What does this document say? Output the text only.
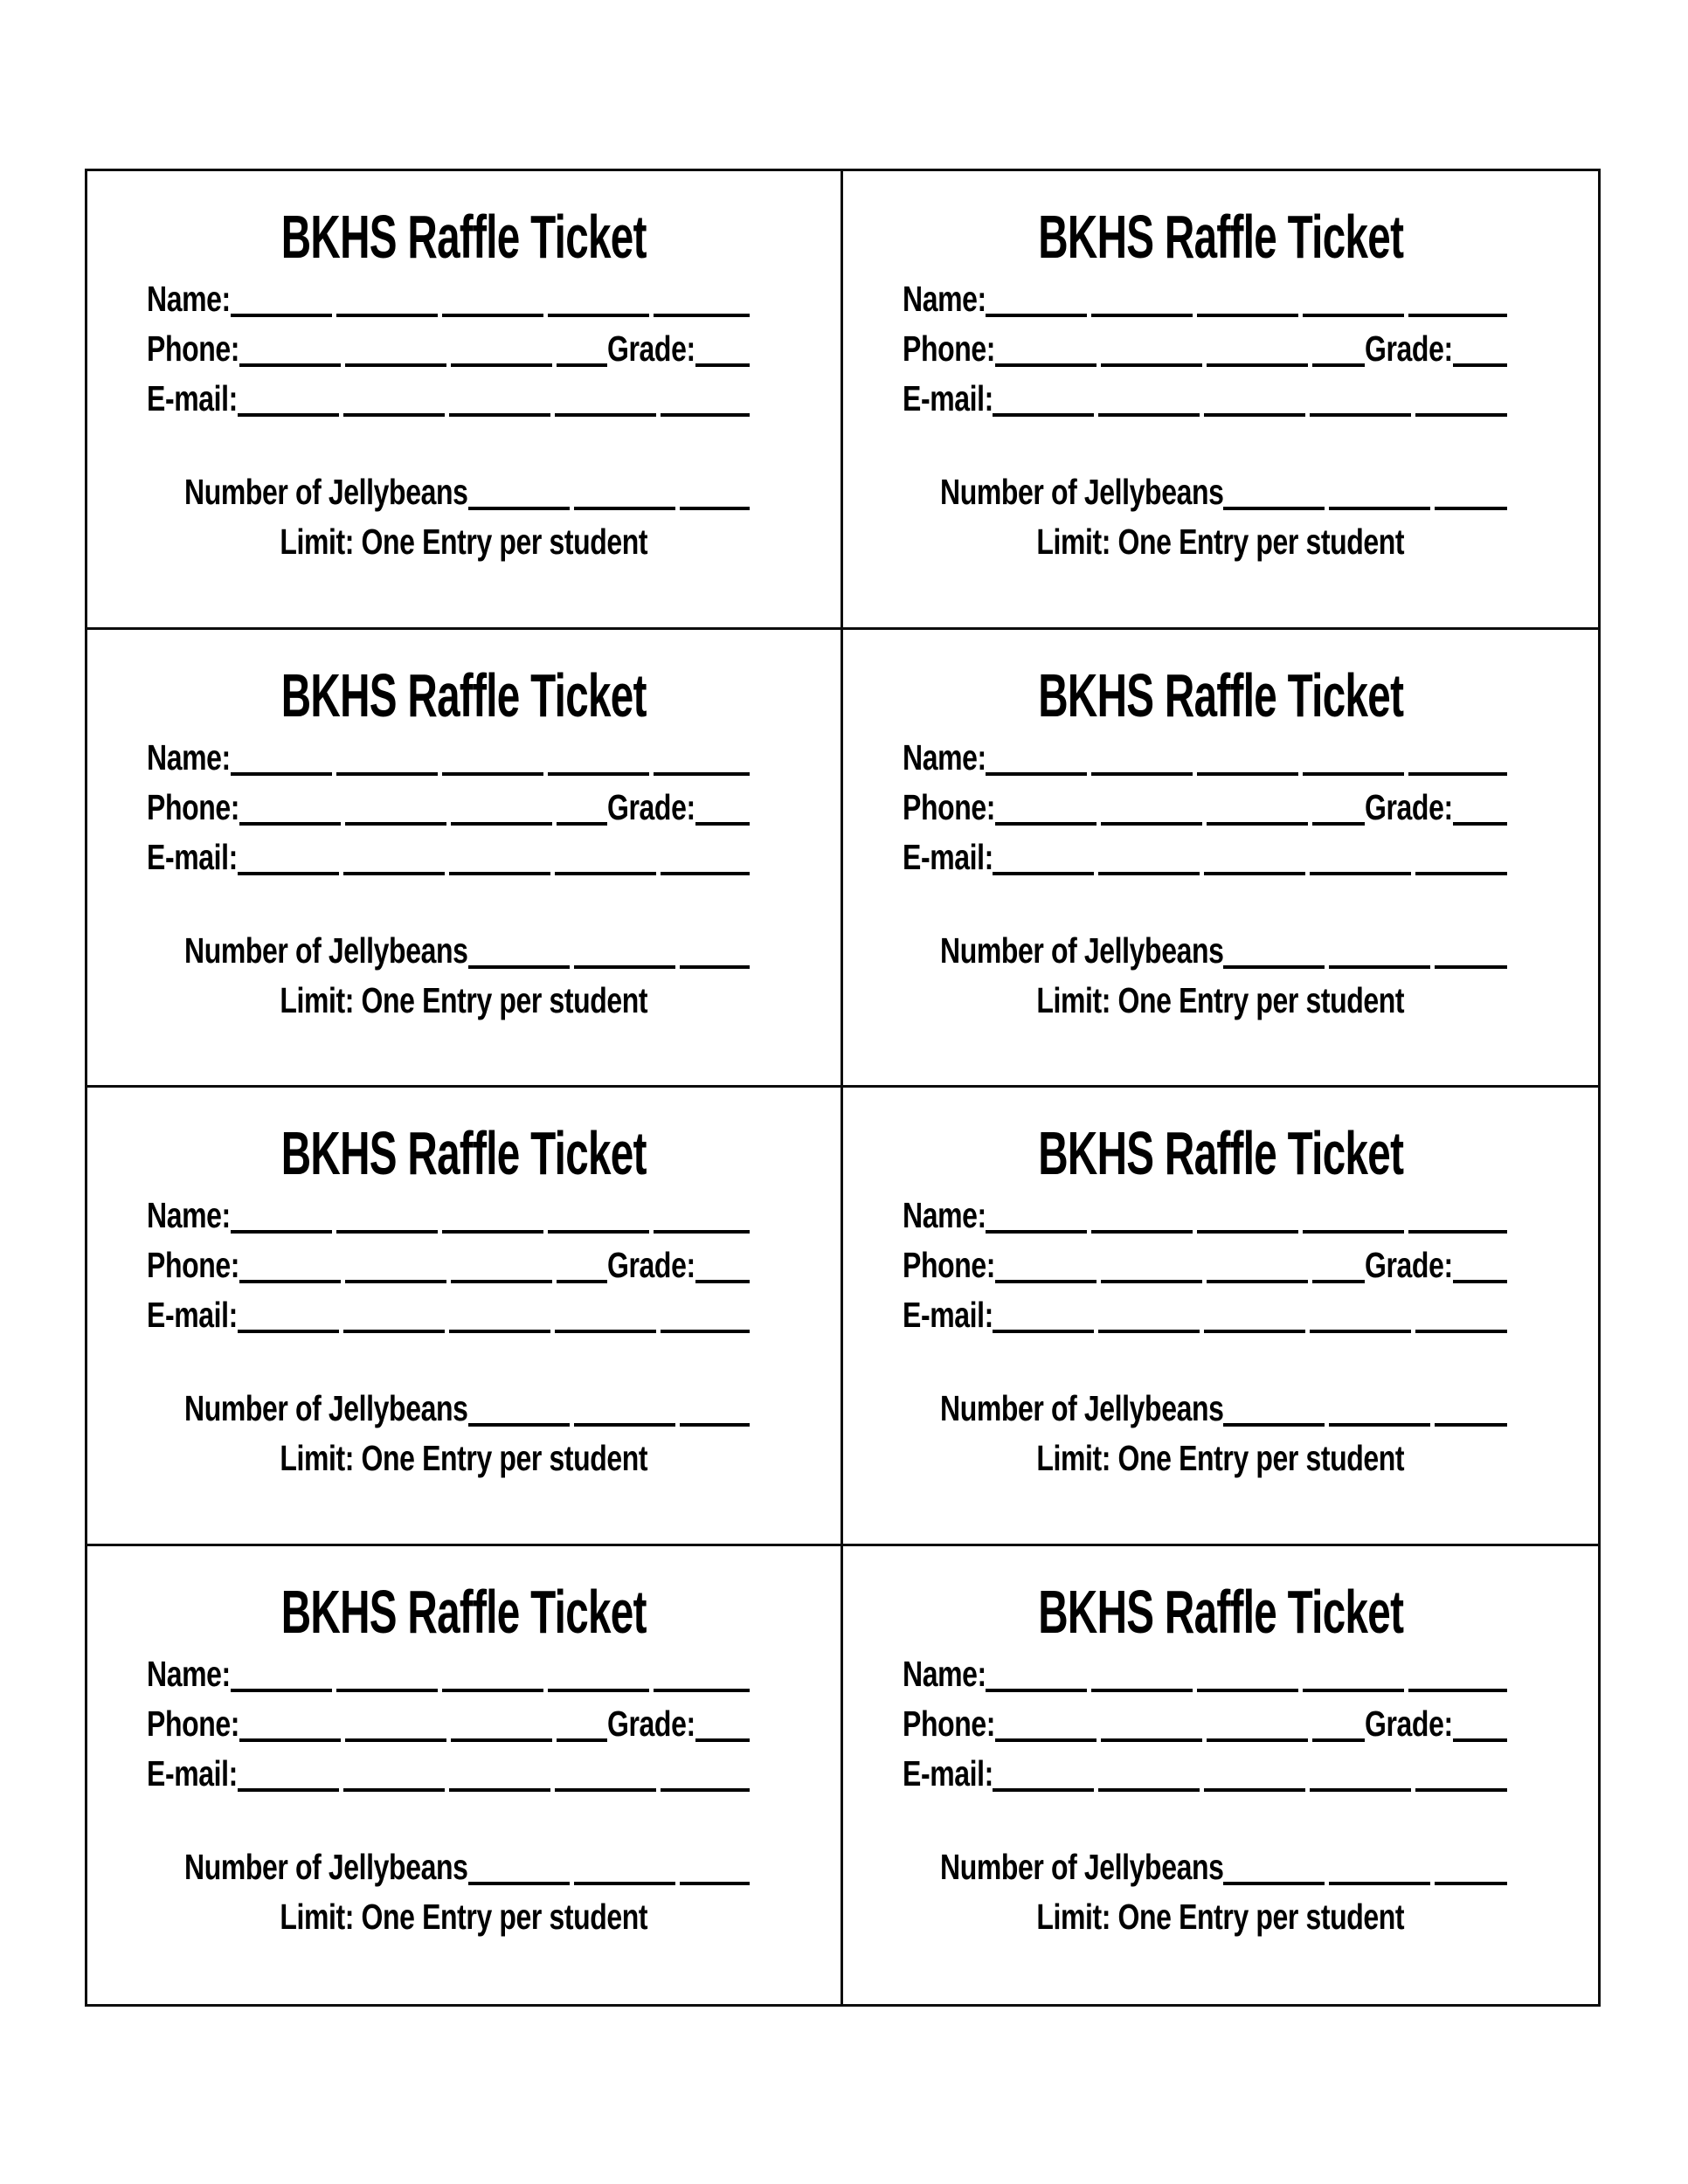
BKHS Raffle Ticket
Name:
Phone:	Grade:
E-mail:
Number of Jellybeans
Limit: One Entry per student
BKHS Raffle Ticket
Name:
Phone:	Grade:
E-mail:
Number of Jellybeans
Limit: One Entry per student
BKHS Raffle Ticket
Name:
Phone:	Grade:
E-mail:
Number of Jellybeans
Limit: One Entry per student
BKHS Raffle Ticket
Name:
Phone:	Grade:
E-mail:
Number of Jellybeans
Limit: One Entry per student
BKHS Raffle Ticket
Name:
Phone:	Grade:
E-mail:
Number of Jellybeans
Limit: One Entry per student
BKHS Raffle Ticket
Name:
Phone:	Grade:
E-mail:
Number of Jellybeans
Limit: One Entry per student
BKHS Raffle Ticket
Name:
Phone:	Grade:
E-mail:
Number of Jellybeans
Limit: One Entry per student
BKHS Raffle Ticket
Name:
Phone:	Grade:
E-mail:
Number of Jellybeans
Limit: One Entry per student
